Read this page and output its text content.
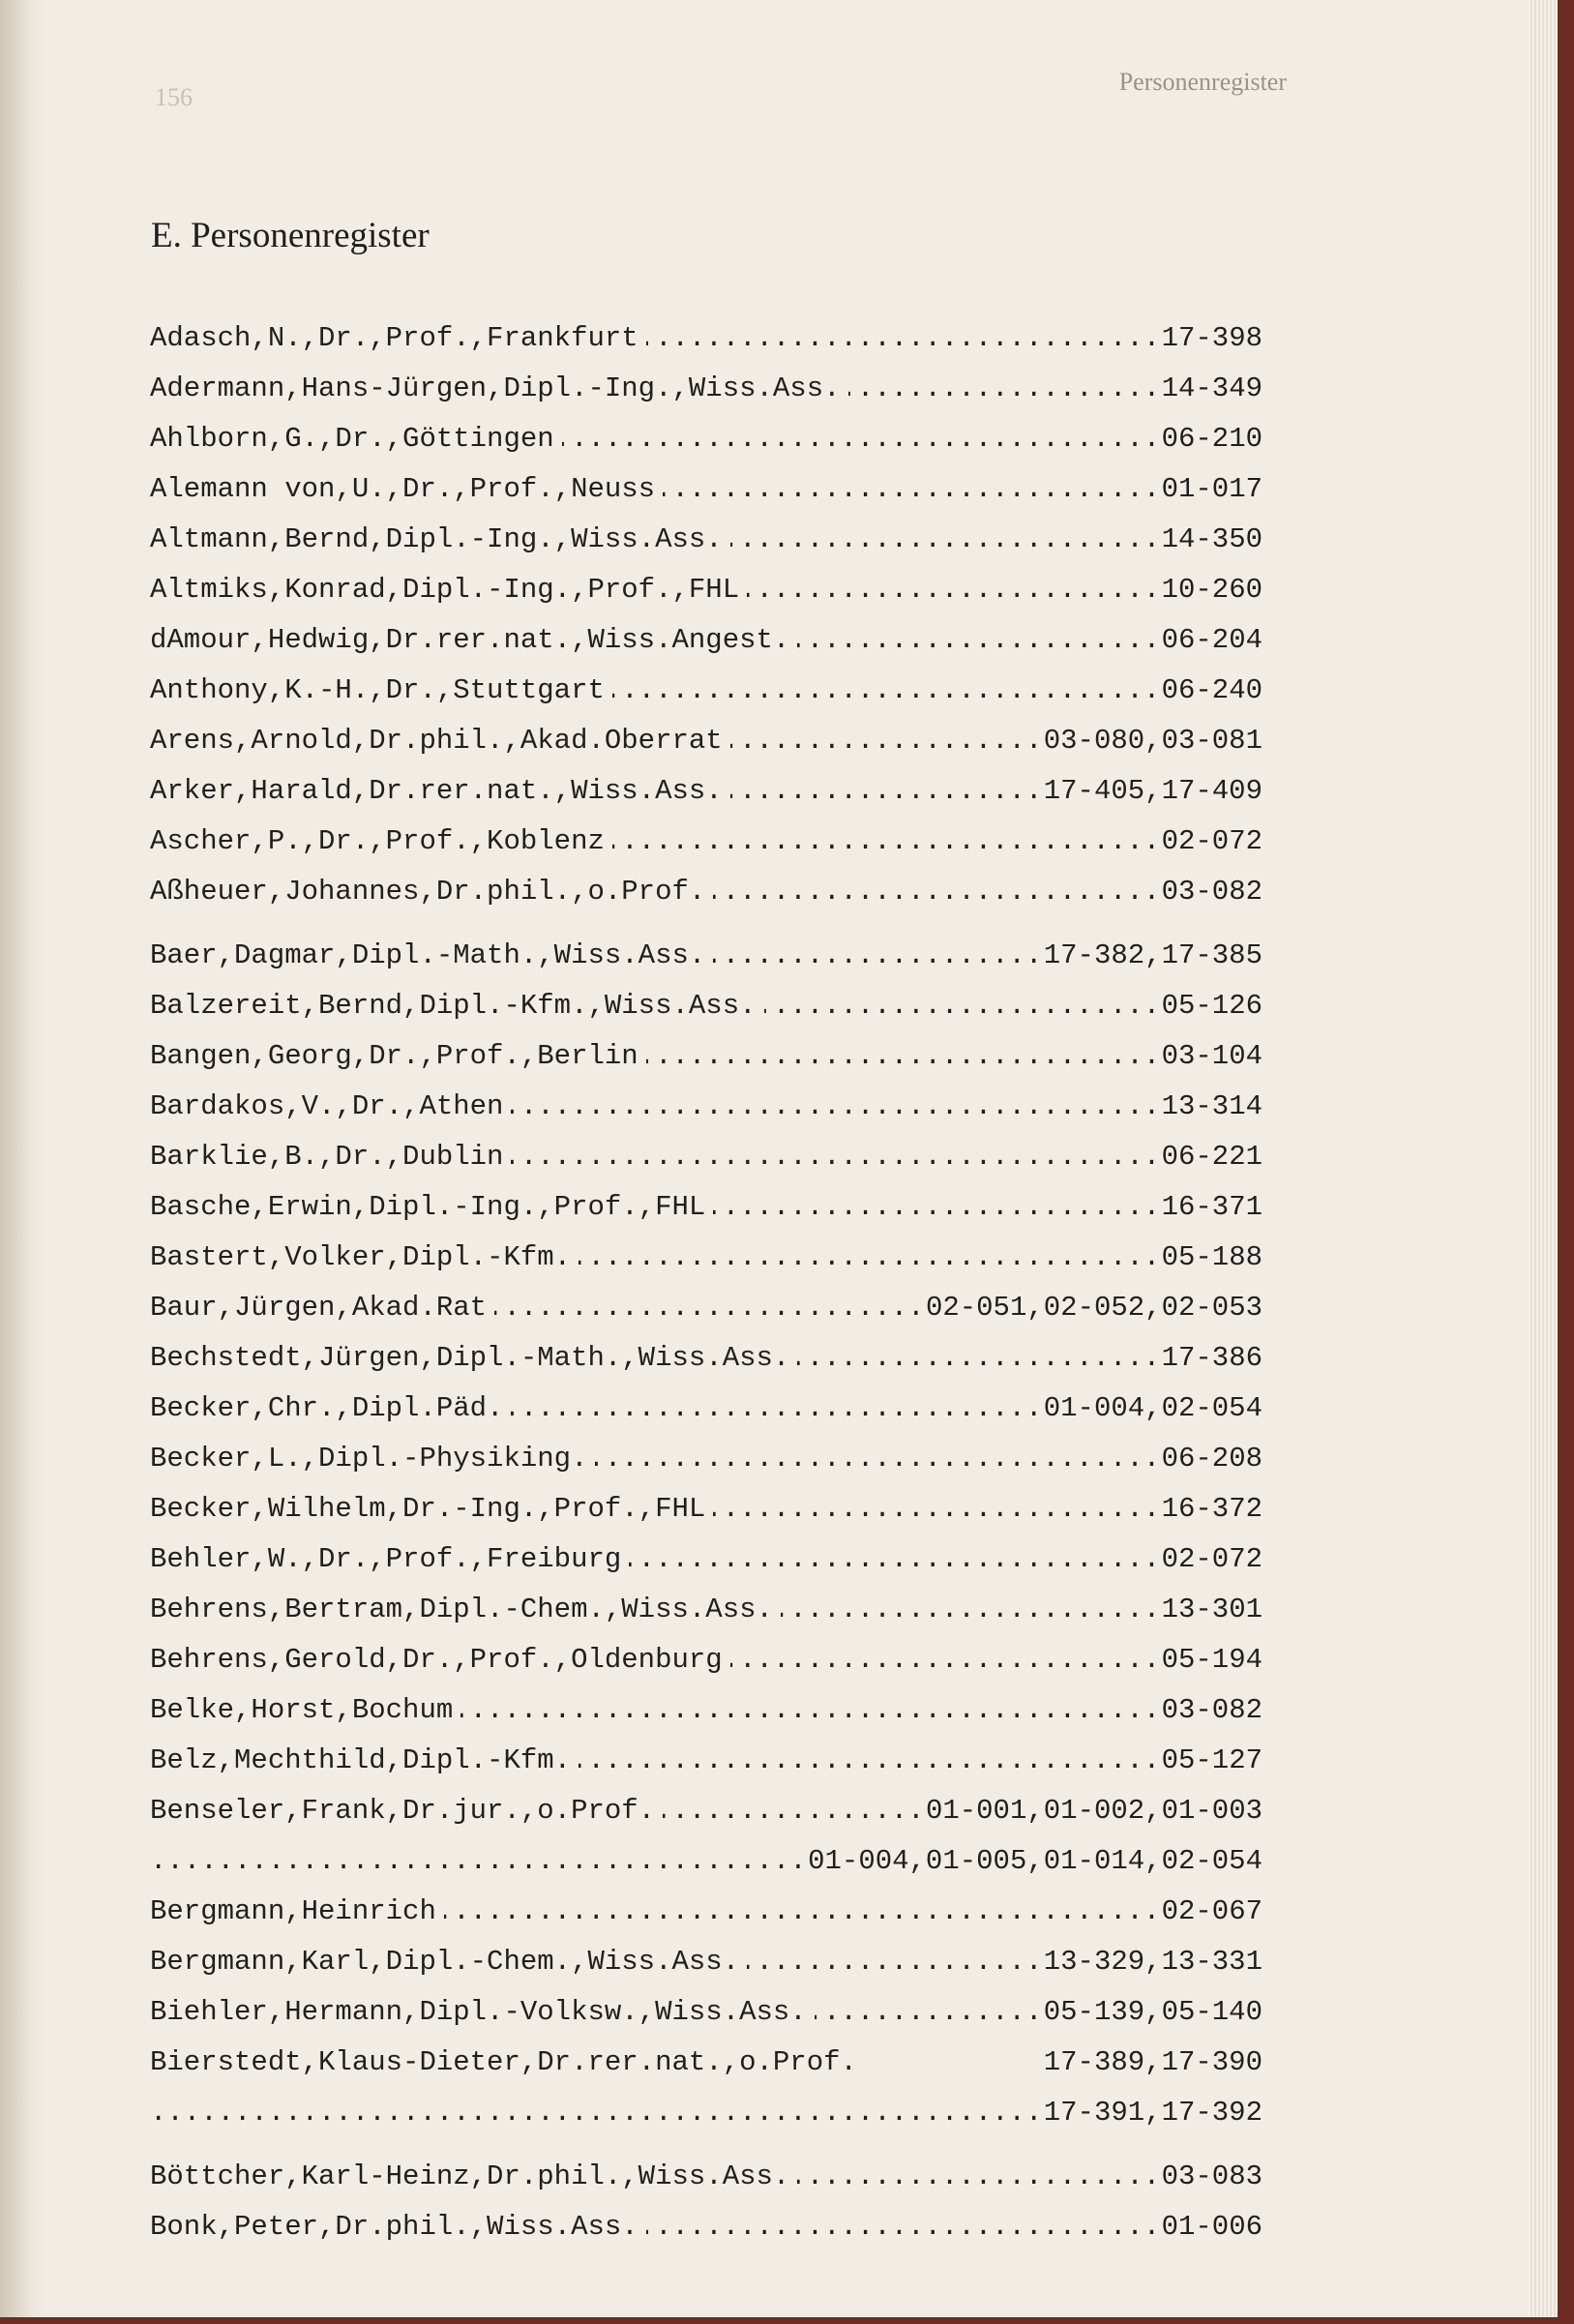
156
Personenregister
E. Personenregister
.....
Adasch,N.,Dr.,Prof.,Frankfurt	17-398
.....
Adermann,Hans-Jürgen,Dipl.-Ing.,Wiss.Ass.	14-349
.....
Ahlborn,G.,Dr.,Göttingen	06-210
.....
Alemann von,U.,Dr.,Prof.,Neuss	01-017
.....
Altmann,Bernd,Dipl.-Ing.,Wiss.Ass.	14-350
.....
Altmiks,Konrad,Dipl.-Ing.,Prof.,FHL	10-260
.....
dAmour,Hedwig,Dr.rer.nat.,Wiss.Angest.	06-204
.....
Anthony,K.-H.,Dr.,Stuttgart	06-240
.....
Arens,Arnold,Dr.phil.,Akad.Oberrat	03-080,03-081
.....
Arker,Harald,Dr.rer.nat.,Wiss.Ass.	17-405,17-409
.....
Ascher,P.,Dr.,Prof.,Koblenz	02-072
.....
Aßheuer,Johannes,Dr.phil.,o.Prof.	03-082
.....
Baer,Dagmar,Dipl.-Math.,Wiss.Ass.	17-382,17-385
.....
Balzereit,Bernd,Dipl.-Kfm.,Wiss.Ass.	05-126
.....
Bangen,Georg,Dr.,Prof.,Berlin	03-104
.....
Bardakos,V.,Dr.,Athen	13-314
.....
Barklie,B.,Dr.,Dublin	06-221
.....
Basche,Erwin,Dipl.-Ing.,Prof.,FHL	16-371
.....
Bastert,Volker,Dipl.-Kfm.	05-188
.....
Baur,Jürgen,Akad.Rat	02-051,02-052,02-053
.....
Bechstedt,Jürgen,Dipl.-Math.,Wiss.Ass.	17-386
.....
Becker,Chr.,Dipl.Päd.	01-004,02-054
.....
Becker,L.,Dipl.-Physiking.	06-208
.....
Becker,Wilhelm,Dr.-Ing.,Prof.,FHL	16-372
.....
Behler,W.,Dr.,Prof.,Freiburg	02-072
.....
Behrens,Bertram,Dipl.-Chem.,Wiss.Ass.	13-301
.....
Behrens,Gerold,Dr.,Prof.,Oldenburg	05-194
.....
Belke,Horst,Bochum	03-082
.....
Belz,Mechthild,Dipl.-Kfm.	05-127
.....
Benseler,Frank,Dr.jur.,o.Prof.	01-001,01-002,01-003
.....
01-004,01-005,01-014,02-054
.....
Bergmann,Heinrich	02-067
.....
Bergmann,Karl,Dipl.-Chem.,Wiss.Ass.	13-329,13-331
.....
Biehler,Hermann,Dipl.-Volksw.,Wiss.Ass.	05-139,05-140
Bierstedt,Klaus-Dieter,Dr.rer.nat.,o.Prof.	17-389,17-390
.....
17-391,17-392
.....
Böttcher,Karl-Heinz,Dr.phil.,Wiss.Ass.	03-083
.....
Bonk,Peter,Dr.phil.,Wiss.Ass.	01-006
